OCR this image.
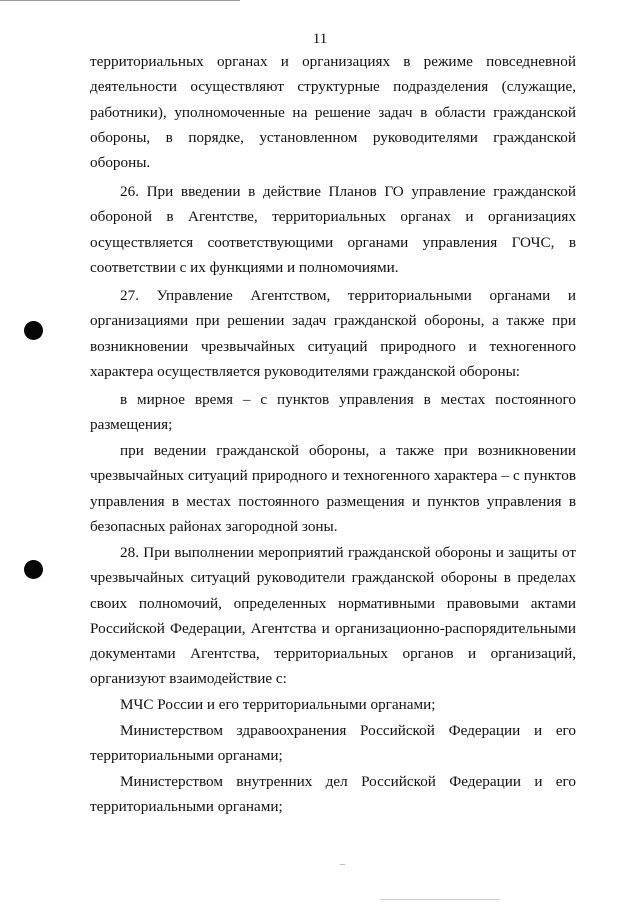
11

территориальных органах и организациях в режиме повседневной деятельности осуществляют структурные подразделения (служащие, работники), уполномоченные на решение задач в области гражданской обороны, в порядке, установленном руководителями гражданской обороны.

26. При введении в действие Планов ГО управление гражданской обороной в Агентстве, территориальных органах и организациях осуществляется соответствующими органами управления ГОЧС, в соответствии с их функциями и полномочиями.

27. Управление Агентством, территориальными органами и организациями при решении задач гражданской обороны, а также при возникновении чрезвычайных ситуаций природного и техногенного характера осуществляется руководителями гражданской обороны:

в мирное время – с пунктов управления в местах постоянного размещения;

при ведении гражданской обороны, а также при возникновении чрезвычайных ситуаций природного и техногенного характера – с пунктов управления в местах постоянного размещения и пунктов управления в безопасных районах загородной зоны.

28. При выполнении мероприятий гражданской обороны и защиты от чрезвычайных ситуаций руководители гражданской обороны в пределах своих полномочий, определенных нормативными правовыми актами Российской Федерации, Агентства и организационно-распорядительными документами Агентства, территориальных органов и организаций, организуют взаимодействие с:

МЧС России и его территориальными органами;

Министерством здравоохранения Российской Федерации и его территориальными органами;

Министерством внутренних дел Российской Федерации и его территориальными органами;
